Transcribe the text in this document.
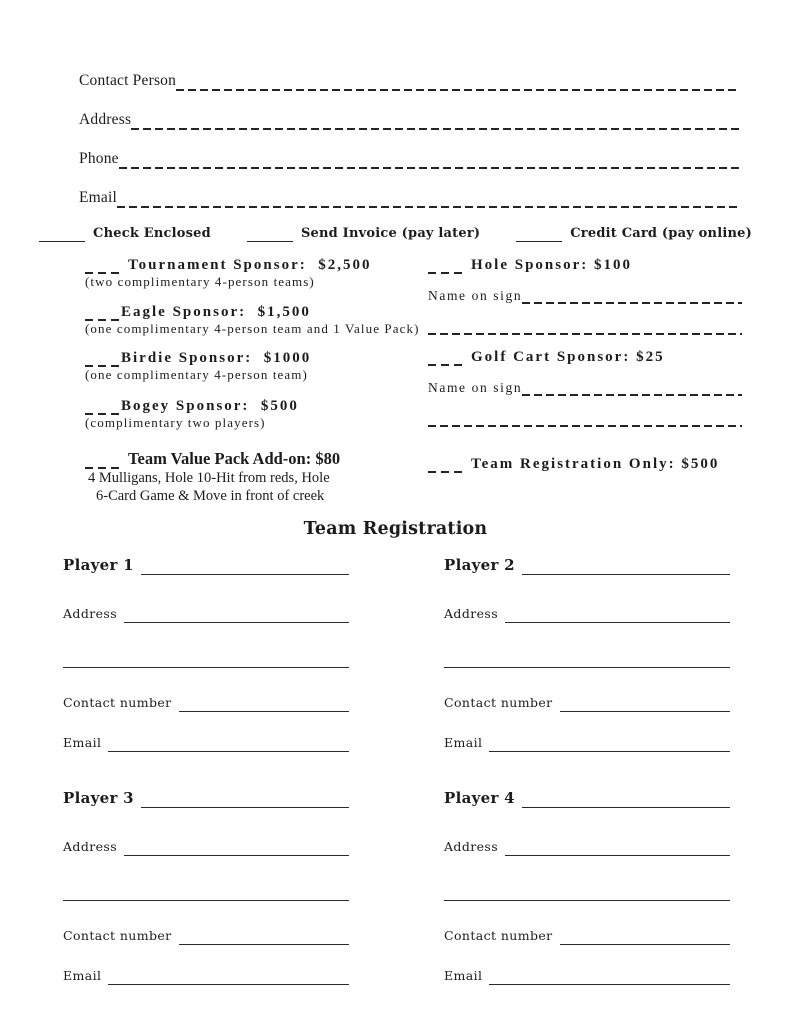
Contact Person
Address
Phone
Email
Check Enclosed	Send Invoice (pay later)	Credit Card (pay online)
Tournament Sponsor:  $2,500
(two complimentary 4-person teams)
Eagle Sponsor:  $1,500
(one complimentary 4-person team and 1 Value Pack)
Birdie Sponsor:  $1000
(one complimentary 4-person team)
Bogey Sponsor:  $500
(complimentary two players)
Team Value Pack Add-on: $80
4 Mulligans, Hole 10-Hit from reds, Hole
6-Card Game & Move in front of creek
Hole Sponsor: $100
Name on sign
Golf Cart Sponsor: $25
Name on sign
Team Registration Only: $500
Team Registration
Player 1
Address
Contact number
Email
Player 2
Address
Contact number
Email
Player 3
Address
Contact number
Email
Player 4
Address
Contact number
Email
